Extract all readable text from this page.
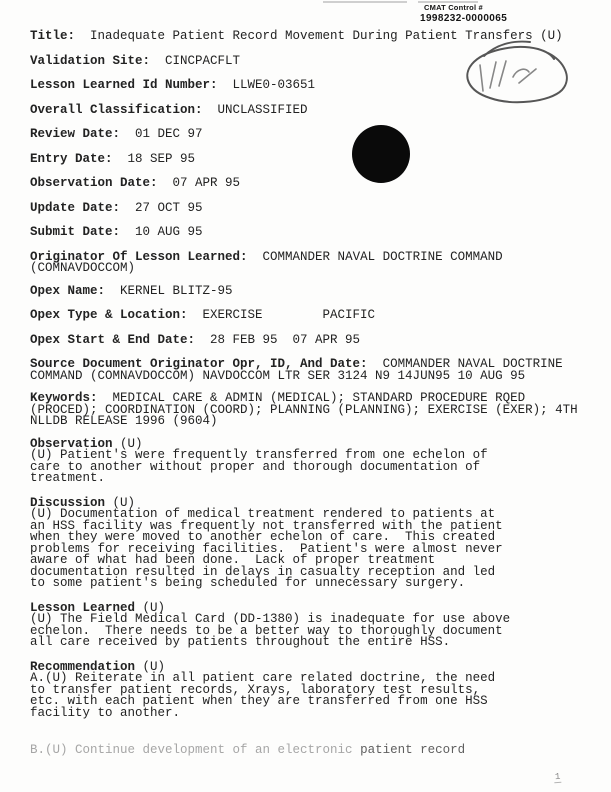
CMAT Control #
1998232-0000065
Title:  Inadequate Patient Record Movement During Patient Transfers (U)
Validation Site:  CINCPACFLT
Lesson Learned Id Number:  LLWE0-03651
Overall Classification:  UNCLASSIFIED
Review Date:  01 DEC 97
Entry Date:  18 SEP 95
Observation Date:  07 APR 95
Update Date:  27 OCT 95
Submit Date:  10 AUG 95
Originator Of Lesson Learned:  COMMANDER NAVAL DOCTRINE COMMAND
(COMNAVDOCCOM)
Opex Name:  KERNEL BLITZ-95
Opex Type & Location:  EXERCISE        PACIFIC
Opex Start & End Date:  28 FEB 95  07 APR 95
Source Document Originator Opr, ID, And Date:  COMMANDER NAVAL DOCTRINE
COMMAND (COMNAVDOCCOM) NAVDOCCOM LTR SER 3124 N9 14JUN95 10 AUG 95
Keywords:  MEDICAL CARE & ADMIN (MEDICAL); STANDARD PROCEDURE RQED
(PROCED); COORDINATION (COORD); PLANNING (PLANNING); EXERCISE (EXER); 4TH
NLLDB RELEASE 1996 (9604)
Observation (U)
(U) Patient's were frequently transferred from one echelon of
care to another without proper and thorough documentation of
treatment.
Discussion (U)
(U) Documentation of medical treatment rendered to patients at
an HSS facility was frequently not transferred with the patient
when they were moved to another echelon of care.  This created
problems for receiving facilities.  Patient's were almost never
aware of what had been done.  Lack of proper treatment
documentation resulted in delays in casualty reception and led
to some patient's being scheduled for unnecessary surgery.
Lesson Learned (U)
(U) The Field Medical Card (DD-1380) is inadequate for use above
echelon.  There needs to be a better way to thoroughly document
all care received by patients throughout the entire HSS.
Recommendation (U)
A.(U) Reiterate in all patient care related doctrine, the need
to transfer patient records, Xrays, laboratory test results,
etc. with each patient when they are transferred from one HSS
facility to another.
B.(U) Continue development of an electronic patient record
1
